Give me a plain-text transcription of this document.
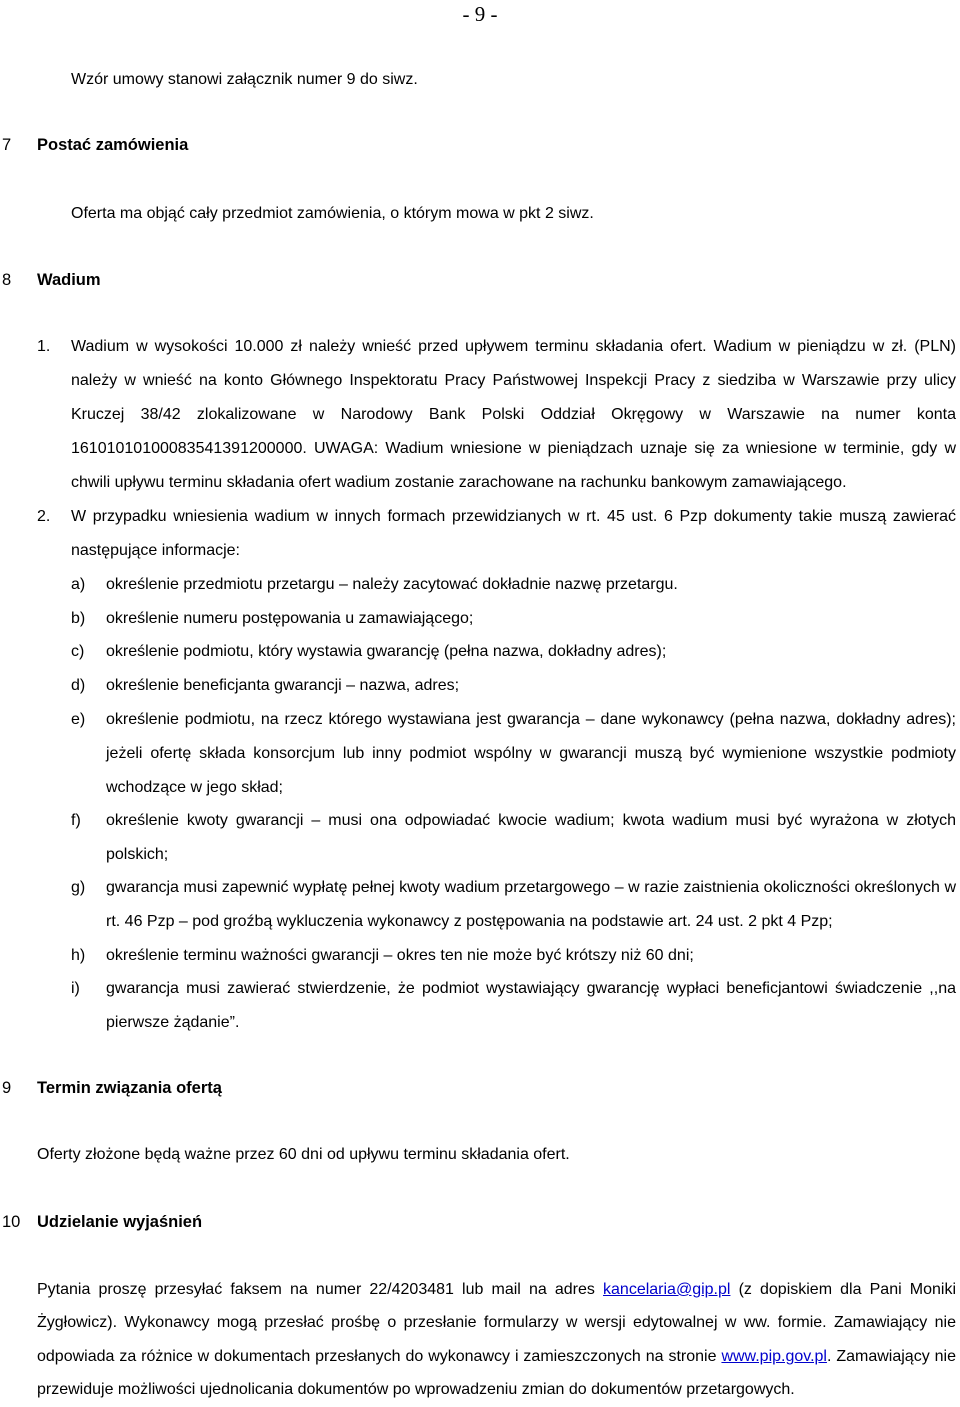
- 9 -
Wzór umowy stanowi załącznik numer 9 do siwz.
7 Postać zamówienia
Oferta ma objąć cały przedmiot zamówienia, o którym mowa w pkt 2 siwz.
8 Wadium
1. Wadium w wysokości 10.000 zł należy wnieść przed upływem terminu składania ofert. Wadium w pieniądzu w zł. (PLN)
należy w wnieść na konto Głównego Inspektoratu Pracy Państwowej Inspekcji Pracy z siedziba w Warszawie przy ulicy
Kruczej 38/42 zlokalizowane w Narodowy Bank Polski Oddział Okręgowy w Warszawie na numer konta
16101010100083541391200000. UWAGA: Wadium wniesione w pieniądzach uznaje się za wniesione w terminie, gdy w
chwili upływu terminu składania ofert wadium zostanie zarachowane na rachunku bankowym zamawiającego.
2. W przypadku wniesienia wadium w innych formach przewidzianych w rt. 45 ust. 6 Pzp dokumenty takie muszą zawierać
następujące informacje:
a) określenie przedmiotu przetargu – należy zacytować dokładnie nazwę przetargu.
b) określenie numeru postępowania u zamawiającego;
c) określenie podmiotu, który wystawia gwarancję (pełna nazwa, dokładny adres);
d) określenie beneficjanta gwarancji – nazwa, adres;
e) określenie podmiotu, na rzecz którego wystawiana jest gwarancja – dane wykonawcy (pełna nazwa, dokładny adres);
jeżeli ofertę składa konsorcjum lub inny podmiot wspólny w gwarancji muszą być wymienione wszystkie podmioty
wchodzące w jego skład;
f) określenie kwoty gwarancji – musi ona odpowiadać kwocie wadium; kwota wadium musi być wyrażona w złotych
polskich;
g) gwarancja musi zapewnić wypłatę pełnej kwoty wadium przetargowego – w razie zaistnienia okoliczności określonych w
rt. 46 Pzp – pod groźbą wykluczenia wykonawcy z postępowania na podstawie art. 24 ust. 2 pkt 4 Pzp;
h) określenie terminu ważności gwarancji – okres ten nie może być krótszy niż 60 dni;
i) gwarancja musi zawierać stwierdzenie, że podmiot wystawiający gwarancję wypłaci beneficjantowi świadczenie ,,na
pierwsze żądanie”.
9 Termin związania ofertą
Oferty złożone będą ważne przez 60 dni od upływu terminu składania ofert.
10 Udzielanie wyjaśnień
Pytania proszę przesyłać faksem na numer 22/4203481 lub mail na adres kancelaria@gip.pl (z dopiskiem dla Pani Moniki
Żygłowicz). Wykonawcy mogą przesłać prośbę o przesłanie formularzy w wersji edytowalnej w ww. formie. Zamawiający nie
odpowiada za różnice w dokumentach przesłanych do wykonawcy i zamieszczonych na stronie www.pip.gov.pl. Zamawiający nie
przewiduje możliwości ujednolicania dokumentów po wprowadzeniu zmian do dokumentów przetargowych.
